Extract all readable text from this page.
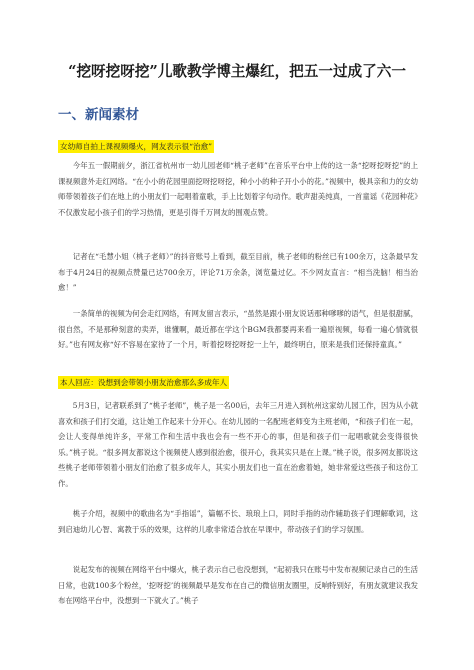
“挖呀挖呀挖”儿歌教学博主爆红，把五一过成了六一
一、新闻素材

女幼师自拍上课视频爆火，网友表示很“治愈”

今年五一假期前夕，浙江省杭州市一幼儿园老师“桃子老师”在音乐平台中上传的这一条“挖呀挖呀挖”的上课视频意外走红网络。“在小小的花园里面挖呀挖呀挖，种小小的种子开小小的花。”视频中，极具亲和力的女幼师带领着孩子们在地上的小朋友们一起唱着童歌，手上比划着字句动作。歌声甜美纯真，一首童谣《花园种花》不仅激发起小孩子们的学习热情，更是引得千万网友的围观点赞。

记者在“毛慧小姐（桃子老师）”的抖音账号上看到，截至目前，桃子老师的粉丝已有100余万，这条最早发布于4月24日的视频点赞量已达700余万，评论71万余条，浏览量过亿。不少网友直言：“相当洗脑！相当治愈！”

一条简单的视频为何会走红网络，有网友留言表示，“虽然是跟小朋友说话那种嗲嗲的语气，但是很甜腻，很自然，不是那种刻意的卖弄，谁懂啊，最近都在学这个BGM我都要再来看一遍原视频，每看一遍心情就很好。”也有网友称“好不容易在家待了一个月，听着挖呀挖呀挖一上午，最终明白，原来是我们还保持童真。”

本人回应：没想到会带领小朋友治愈那么多成年人

5月3日，记者联系到了“桃子老师”，桃子是一名00后，去年三月进入到杭州这家幼儿园工作，因为从小就喜欢和孩子们打交道，这让她工作起来十分开心。在幼儿园的一名配班老师变为主班老师，“和孩子们在一起，会让人变得单纯许多，平常工作和生活中我也会有一些不开心的事，但是和孩子们一起唱歌就会变得很快乐。”桃子说。“很多网友都说这个视频使人感到很治愈，很开心，我其实只是在上课。”桃子说，很多网友都说这些桃子老师带领着小朋友们治愈了很多成年人，其实小朋友们也一直在治愈着她，她非常爱这些孩子和这份工作。

桃子介绍，视频中的歌曲名为“手指谣”，篇幅不长、琅琅上口，同时手指的动作辅助孩子们理解歌词，这到启迪幼儿心智、寓教于乐的效果，这样的儿歌非常适合放在早课中，带动孩子们的学习氛围。

说起发布的视频在网络平台中爆火，桃子表示自己也没想到，“起初我只在账号中发布视频记录自己的生活日常，也就100多个粉丝，‘挖呀挖’的视频最早是发布在自己的微信朋友圈里，反响特别好，有朋友就建议我发布在网络平台中，没想到一下就火了。”桃子
